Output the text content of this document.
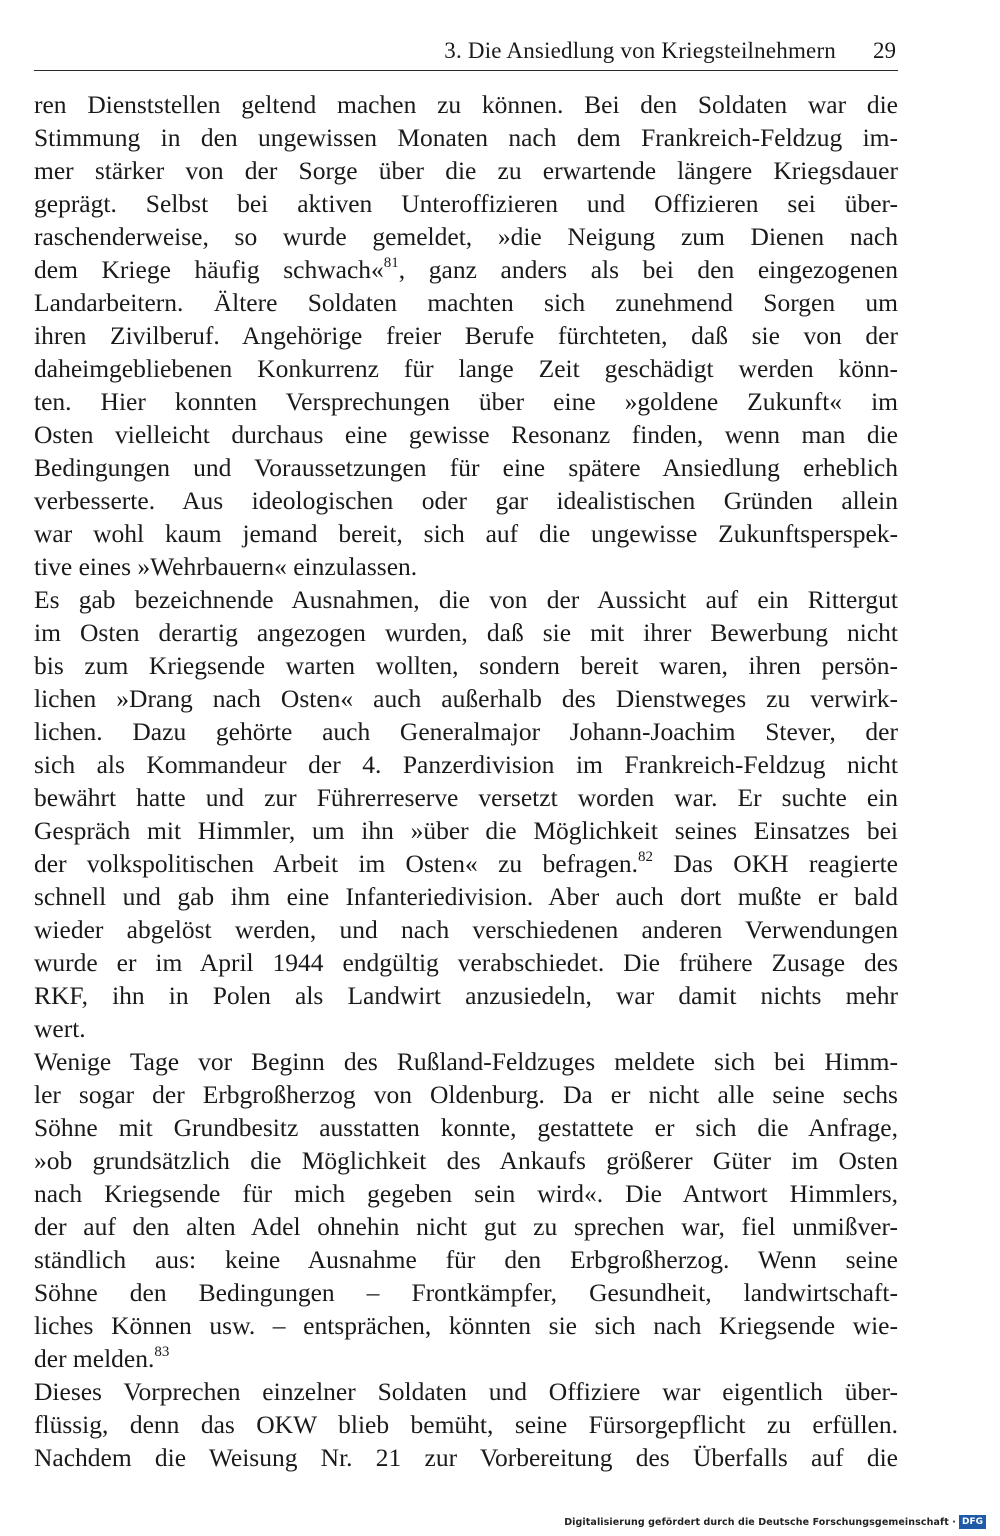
3. Die Ansiedlung von Kriegsteilnehmern 29
ren Dienststellen geltend machen zu können. Bei den Soldaten war die
Stimmung in den ungewissen Monaten nach dem Frankreich-Feldzug im-
mer stärker von der Sorge über die zu erwartende längere Kriegsdauer
geprägt. Selbst bei aktiven Unteroffizieren und Offizieren sei über-
raschenderweise, so wurde gemeldet, »die Neigung zum Dienen nach
dem Kriege häufig schwach«$^{81}$, ganz anders als bei den eingezogenen
Landarbeitern. Ältere Soldaten machten sich zunehmend Sorgen um
ihren Zivilberuf. Angehörige freier Berufe fürchteten, daß sie von der
daheimgebliebenen Konkurrenz für lange Zeit geschädigt werden könn-
ten. Hier konnten Versprechungen über eine »goldene Zukunft« im
Osten vielleicht durchaus eine gewisse Resonanz finden, wenn man die
Bedingungen und Voraussetzungen für eine spätere Ansiedlung erheblich
verbesserte. Aus ideologischen oder gar idealistischen Gründen allein
war wohl kaum jemand bereit, sich auf die ungewisse Zukunftsperspek-
tive eines »Wehrbauern« einzulassen.
Es gab bezeichnende Ausnahmen, die von der Aussicht auf ein Rittergut
im Osten derartig angezogen wurden, daß sie mit ihrer Bewerbung nicht
bis zum Kriegsende warten wollten, sondern bereit waren, ihren persön-
lichen »Drang nach Osten« auch außerhalb des Dienstweges zu verwirk-
lichen. Dazu gehörte auch Generalmajor Johann-Joachim Stever, der
sich als Kommandeur der 4. Panzerdivision im Frankreich-Feldzug nicht
bewährt hatte und zur Führerreserve versetzt worden war. Er suchte ein
Gespräch mit Himmler, um ihn »über die Möglichkeit seines Einsatzes bei
der volkspolitischen Arbeit im Osten« zu befragen.$^{82}$ Das OKH reagierte
schnell und gab ihm eine Infanteriedivision. Aber auch dort mußte er bald
wieder abgelöst werden, und nach verschiedenen anderen Verwendungen
wurde er im April 1944 endgültig verabschiedet. Die frühere Zusage des
RKF, ihn in Polen als Landwirt anzusiedeln, war damit nichts mehr
wert.
Wenige Tage vor Beginn des Rußland-Feldzuges meldete sich bei Himm-
ler sogar der Erbgroßherzog von Oldenburg. Da er nicht alle seine sechs
Söhne mit Grundbesitz ausstatten konnte, gestattete er sich die Anfrage,
»ob grundsätzlich die Möglichkeit des Ankaufs größerer Güter im Osten
nach Kriegsende für mich gegeben sein wird«. Die Antwort Himmlers,
der auf den alten Adel ohnehin nicht gut zu sprechen war, fiel unmißver-
ständlich aus: keine Ausnahme für den Erbgroßherzog. Wenn seine
Söhne den Bedingungen – Frontkämpfer, Gesundheit, landwirtschaft-
liches Können usw. – entsprächen, könnten sie sich nach Kriegsende wie-
der melden.$^{83}$
Dieses Vorprechen einzelner Soldaten und Offiziere war eigentlich über-
flüssig, denn das OKW blieb bemüht, seine Fürsorgepflicht zu erfüllen.
Nachdem die Weisung Nr. 21 zur Vorbereitung des Überfalls auf die
Digitalisierung gefördert durch die Deutsche Forschungsgemeinschaft · DFG
